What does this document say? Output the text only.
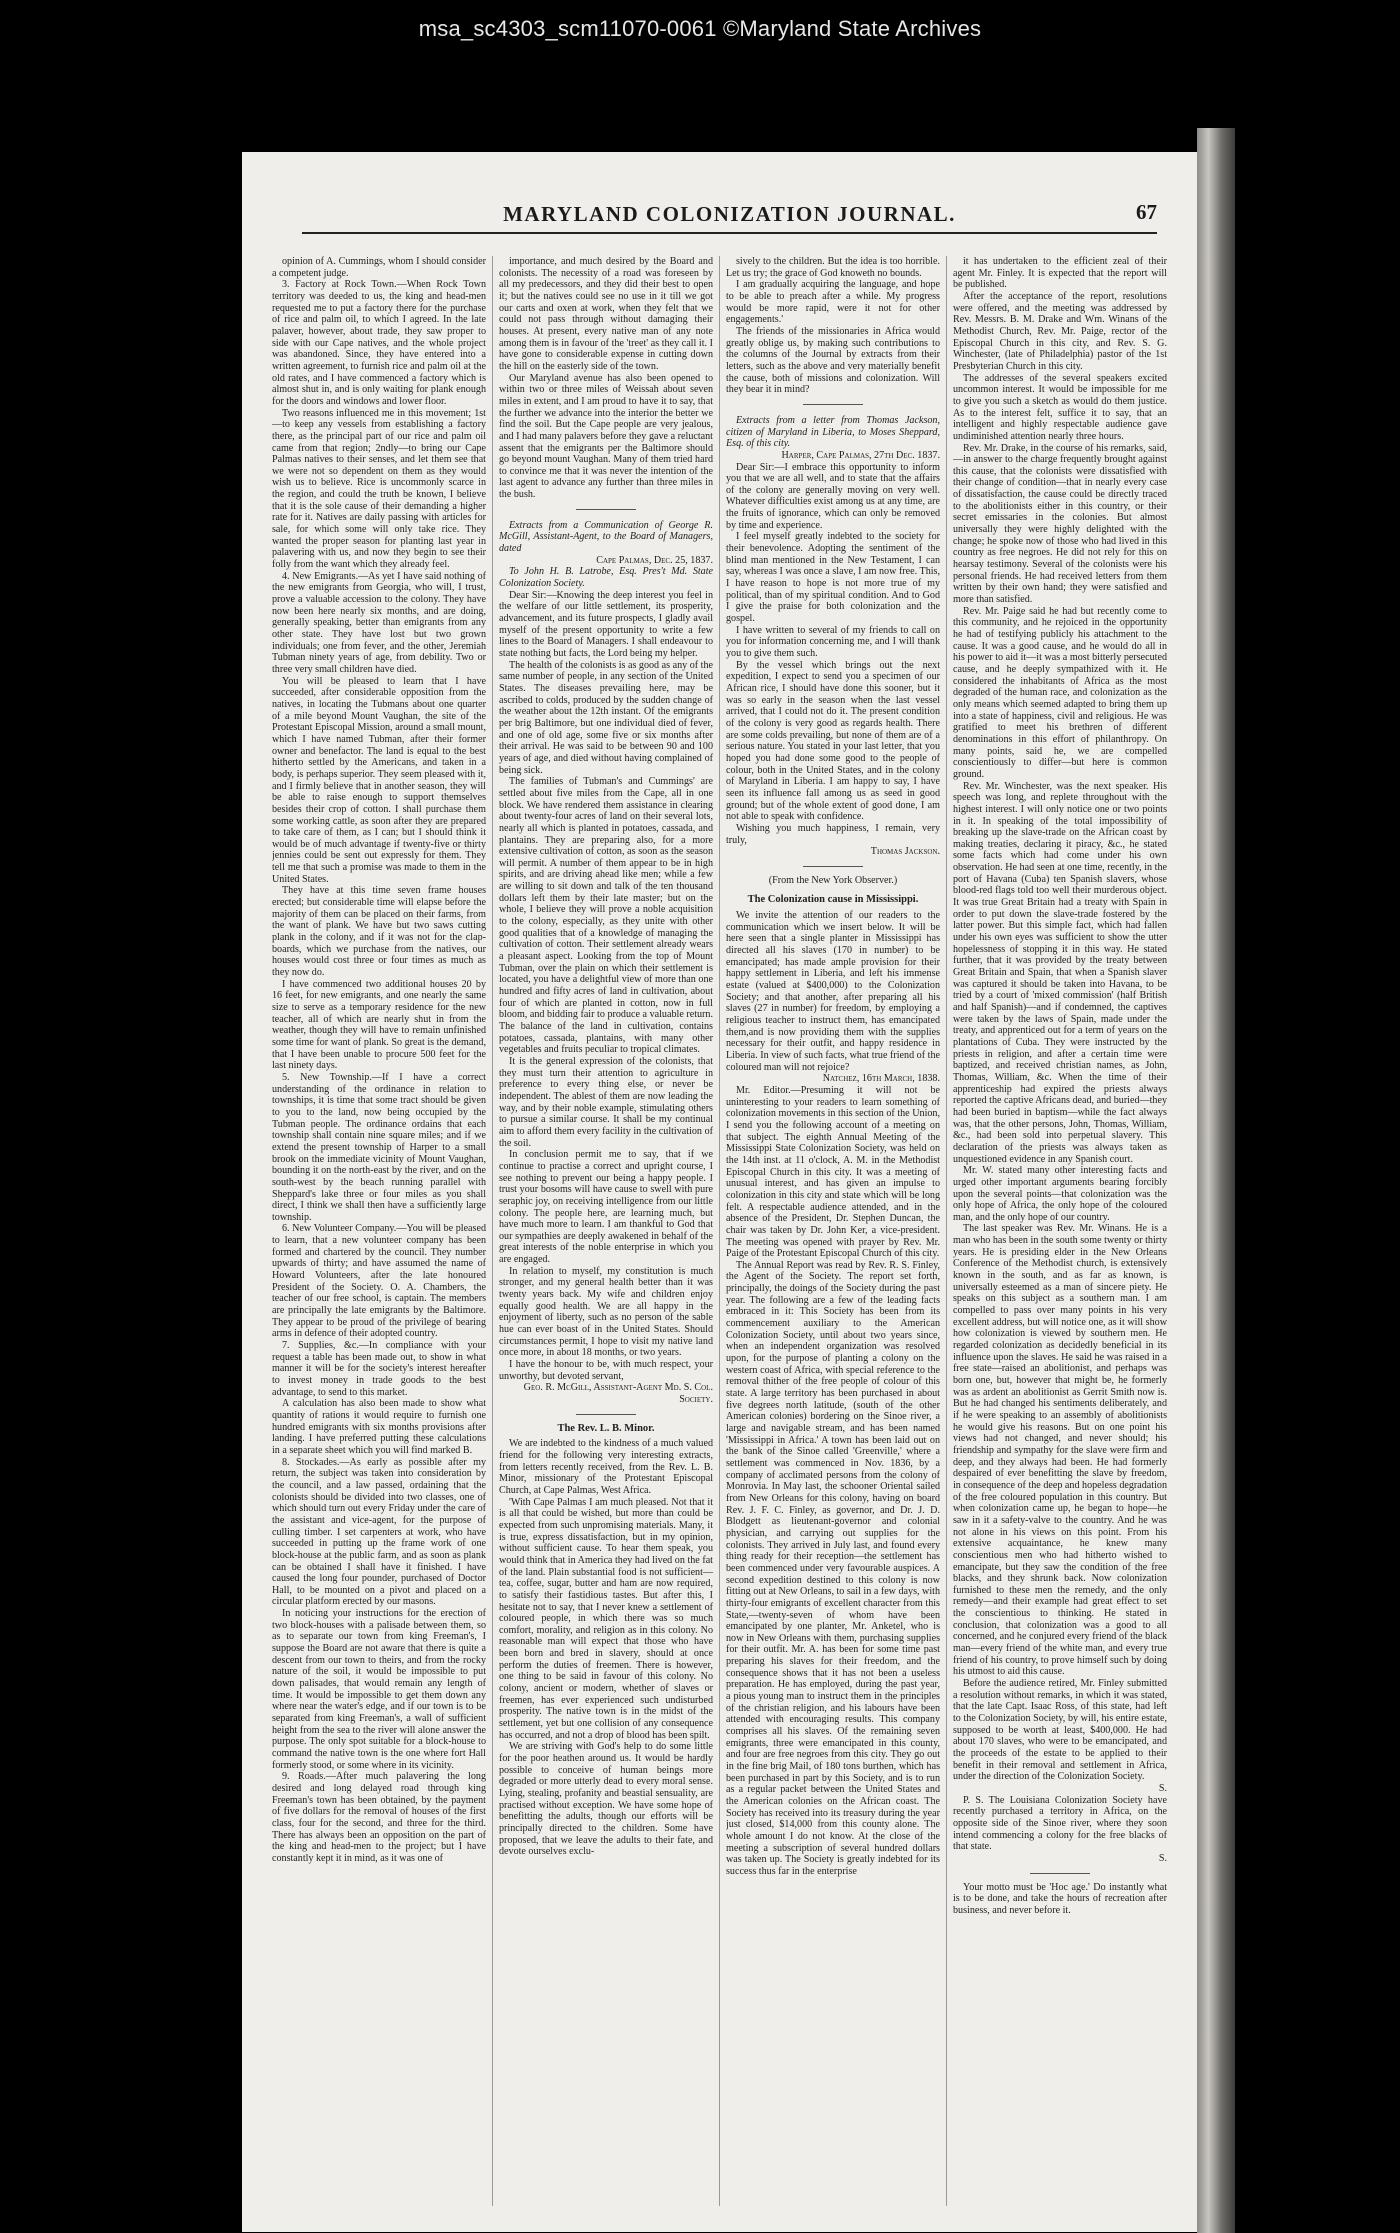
msa_sc4303_scm11070-0061 ©Maryland State Archives
MARYLAND COLONIZATION JOURNAL.	67

opinion of A. Cummings, whom I should consider a competent judge.

3. Factory at Rock Town.—When Rock Town territory was deeded to us, the king and head-men requested me to put a factory there for the purchase of rice and palm oil, to which I agreed. In the late palaver, however, about trade, they saw proper to side with our Cape natives, and the whole project was abandoned. Since, they have entered into a written agreement, to furnish rice and palm oil at the old rates, and I have commenced a factory which is almost shut in, and is only waiting for plank enough for the doors and windows and lower floor.

Two reasons influenced me in this movement; 1st—to keep any vessels from establishing a factory there, as the principal part of our rice and palm oil came from that region; 2ndly—to bring our Cape Palmas natives to their senses, and let them see that we were not so dependent on them as they would wish us to believe. Rice is uncommonly scarce in the region, and could the truth be known, I believe that it is the sole cause of their demanding a higher rate for it. Natives are daily passing with articles for sale, for which some will only take rice. They wanted the proper season for planting last year in palavering with us, and now they begin to see their folly from the want which they already feel.

4. New Emigrants.—As yet I have said nothing of the new emigrants from Georgia, who will, I trust, prove a valuable accession to the colony. They have now been here nearly six months, and are doing, generally speaking, better than emigrants from any other state. They have lost but two grown individuals; one from fever, and the other, Jeremiah Tubman ninety years of age, from debility. Two or three very small children have died.

You will be pleased to learn that I have succeeded, after considerable opposition from the natives, in locating the Tubmans about one quarter of a mile beyond Mount Vaughan, the site of the Protestant Episcopal Mission, around a small mount, which I have named Tubman, after their former owner and benefactor. The land is equal to the best hitherto settled by the Americans, and taken in a body, is perhaps superior. They seem pleased with it, and I firmly believe that in another season, they will be able to raise enough to support themselves besides their crop of cotton. I shall purchase them some working cattle, as soon after they are prepared to take care of them, as I can; but I should think it would be of much advantage if twenty-five or thirty jennies could be sent out expressly for them. They tell me that such a promise was made to them in the United States.

They have at this time seven frame houses erected; but considerable time will elapse before the majority of them can be placed on their farms, from the want of plank. We have but two saws cutting plank in the colony, and if it was not for the clap-boards, which we purchase from the natives, our houses would cost three or four times as much as they now do.

I have commenced two additional houses 20 by 16 feet, for new emigrants, and one nearly the same size to serve as a temporary residence for the new teacher, all of which are nearly shut in from the weather, though they will have to remain unfinished some time for want of plank. So great is the demand, that I have been unable to procure 500 feet for the last ninety days.

5. New Township.—If I have a correct understanding of the ordinance in relation to townships, it is time that some tract should be given to you to the land, now being occupied by the Tubman people. The ordinance ordains that each township shall contain nine square miles; and if we extend the present township of Harper to a small brook on the immediate vicinity of Mount Vaughan, bounding it on the north-east by the river, and on the south-west by the beach running parallel with Sheppard's lake three or four miles as you shall direct, I think we shall then have a sufficiently large township.

6. New Volunteer Company.—You will be pleased to learn, that a new volunteer company has been formed and chartered by the council. They number upwards of thirty; and have assumed the name of Howard Volunteers, after the late honoured President of the Society. O. A. Chambers, the teacher of our free school, is captain. The members are principally the late emigrants by the Baltimore. They appear to be proud of the privilege of bearing arms in defence of their adopted country.

7. Supplies, &c.—In compliance with your request a table has been made out, to show in what manner it will be for the society's interest hereafter to invest money in trade goods to the best advantage, to send to this market.

A calculation has also been made to show what quantity of rations it would require to furnish one hundred emigrants with six months provisions after landing. I have preferred putting these calculations in a separate sheet which you will find marked B.

8. Stockades.—As early as possible after my return, the subject was taken into consideration by the council, and a law passed, ordaining that the colonists should be divided into two classes, one of which should turn out every Friday under the care of the assistant and vice-agent, for the purpose of culling timber. I set carpenters at work, who have succeeded in putting up the frame work of one block-house at the public farm, and as soon as plank can be obtained I shall have it finished. I have caused the long four pounder, purchased of Doctor Hall, to be mounted on a pivot and placed on a circular platform erected by our masons.

In noticing your instructions for the erection of two block-houses with a palisade between them, so as to separate our town from king Freeman's, I suppose the Board are not aware that there is quite a descent from our town to theirs, and from the rocky nature of the soil, it would be impossible to put down palisades, that would remain any length of time. It would be impossible to get them down any where near the water's edge, and if our town is to be separated from king Freeman's, a wall of sufficient height from the sea to the river will alone answer the purpose. The only spot suitable for a block-house to command the native town is the one where fort Hall formerly stood, or some where in its vicinity.

9. Roads.—After much palavering the long desired and long delayed road through king Freeman's town has been obtained, by the payment of five dollars for the removal of houses of the first class, four for the second, and three for the third. There has always been an opposition on the part of the king and head-men to the project; but I have constantly kept it in mind, as it was one of

importance, and much desired by the Board and colonists. The necessity of a road was foreseen by all my predecessors, and they did their best to open it; but the natives could see no use in it till we got our carts and oxen at work, when they felt that we could not pass through without damaging their houses. At present, every native man of any note among them is in favour of the 'treet' as they call it. I have gone to considerable expense in cutting down the hill on the easterly side of the town.

Our Maryland avenue has also been opened to within two or three miles of Weissah about seven miles in extent, and I am proud to have it to say, that the further we advance into the interior the better we find the soil. But the Cape people are very jealous, and I had many palavers before they gave a reluctant assent that the emigrants per the Baltimore should go beyond mount Vaughan. Many of them tried hard to convince me that it was never the intention of the last agent to advance any further than three miles in the bush.

Extracts from a Communication of George R. McGill, Assistant-Agent, to the Board of Managers, dated

Cape Palmas, Dec. 25, 1837.

To John H. B. Latrobe, Esq. Pres't Md. State Colonization Society.

Dear Sir:—Knowing the deep interest you feel in the welfare of our little settlement, its prosperity, advancement, and its future prospects, I gladly avail myself of the present opportunity to write a few lines to the Board of Managers. I shall endeavour to state nothing but facts, the Lord being my helper.

The health of the colonists is as good as any of the same number of people, in any section of the United States. The diseases prevailing here, may be ascribed to colds, produced by the sudden change of the weather about the 12th instant. Of the emigrants per brig Baltimore, but one individual died of fever, and one of old age, some five or six months after their arrival. He was said to be between 90 and 100 years of age, and died without having complained of being sick.

The families of Tubman's and Cummings' are settled about five miles from the Cape, all in one block. We have rendered them assistance in clearing about twenty-four acres of land on their several lots, nearly all which is planted in potatoes, cassada, and plantains. They are preparing also, for a more extensive cultivation of cotton, as soon as the season will permit. A number of them appear to be in high spirits, and are driving ahead like men; while a few are willing to sit down and talk of the ten thousand dollars left them by their late master; but on the whole, I believe they will prove a noble acquisition to the colony, especially, as they unite with other good qualities that of a knowledge of managing the cultivation of cotton. Their settlement already wears a pleasant aspect. Looking from the top of Mount Tubman, over the plain on which their settlement is located, you have a delightful view of more than one hundred and fifty acres of land in cultivation, about four of which are planted in cotton, now in full bloom, and bidding fair to produce a valuable return. The balance of the land in cultivation, contains potatoes, cassada, plantains, with many other vegetables and fruits peculiar to tropical climates.

It is the general expression of the colonists, that they must turn their attention to agriculture in preference to every thing else, or never be independent. The ablest of them are now leading the way, and by their noble example, stimulating others to pursue a similar course. It shall be my continual aim to afford them every facility in the cultivation of the soil.

In conclusion permit me to say, that if we continue to practise a correct and upright course, I see nothing to prevent our being a happy people. I trust your bosoms will have cause to swell with pure seraphic joy, on receiving intelligence from our little colony. The people here, are learning much, but have much more to learn. I am thankful to God that our sympathies are deeply awakened in behalf of the great interests of the noble enterprise in which you are engaged.

In relation to myself, my constitution is much stronger, and my general health better than it was twenty years back. My wife and children enjoy equally good health. We are all happy in the enjoyment of liberty, such as no person of the sable hue can ever boast of in the United States. Should circumstances permit, I hope to visit my native land once more, in about 18 months, or two years.

I have the honour to be, with much respect, your unworthy, but devoted servant,

Geo. R. McGill, Assistant-Agent Md. S. Col. Society.

The Rev. L. B. Minor.

We are indebted to the kindness of a much valued friend for the following very interesting extracts, from letters recently received, from the Rev. L. B. Minor, missionary of the Protestant Episcopal Church, at Cape Palmas, West Africa.

'With Cape Palmas I am much pleased. Not that it is all that could be wished, but more than could be expected from such unpromising materials. Many, it is true, express dissatisfaction, but in my opinion, without sufficient cause. To hear them speak, you would think that in America they had lived on the fat of the land. Plain substantial food is not sufficient—tea, coffee, sugar, butter and ham are now required, to satisfy their fastidious tastes. But after this, I hesitate not to say, that I never knew a settlement of coloured people, in which there was so much comfort, morality, and religion as in this colony. No reasonable man will expect that those who have been born and bred in slavery, should at once perform the duties of freemen. There is however, one thing to be said in favour of this colony. No colony, ancient or modern, whether of slaves or freemen, has ever experienced such undisturbed prosperity. The native town is in the midst of the settlement, yet but one collision of any consequence has occurred, and not a drop of blood has been spilt.

We are striving with God's help to do some little for the poor heathen around us. It would be hardly possible to conceive of human beings more degraded or more utterly dead to every moral sense. Lying, stealing, profanity and beastial sensuality, are practised without exception. We have some hope of benefitting the adults, though our efforts will be principally directed to the children. Some have proposed, that we leave the adults to their fate, and devote ourselves exclu-

sively to the children. But the idea is too horrible. Let us try; the grace of God knoweth no bounds.

I am gradually acquiring the language, and hope to be able to preach after a while. My progress would be more rapid, were it not for other engagements.'

The friends of the missionaries in Africa would greatly oblige us, by making such contributions to the columns of the Journal by extracts from their letters, such as the above and very materially benefit the cause, both of missions and colonization. Will they bear it in mind?

Extracts from a letter from Thomas Jackson, citizen of Maryland in Liberia, to Moses Sheppard, Esq. of this city.

Harper, Cape Palmas, 27th Dec. 1837.

Dear Sir:—I embrace this opportunity to inform you that we are all well, and to state that the affairs of the colony are generally moving on very well. Whatever difficulties exist among us at any time, are the fruits of ignorance, which can only be removed by time and experience.

I feel myself greatly indebted to the society for their benevolence. Adopting the sentiment of the blind man mentioned in the New Testament, I can say, whereas I was once a slave, I am now free. This, I have reason to hope is not more true of my political, than of my spiritual condition. And to God I give the praise for both colonization and the gospel.

I have written to several of my friends to call on you for information concerning me, and I will thank you to give them such.

By the vessel which brings out the next expedition, I expect to send you a specimen of our African rice, I should have done this sooner, but it was so early in the season when the last vessel arrived, that I could not do it. The present condition of the colony is very good as regards health. There are some colds prevailing, but none of them are of a serious nature. You stated in your last letter, that you hoped you had done some good to the people of colour, both in the United States, and in the colony of Maryland in Liberia. I am happy to say, I have seen its influence fall among us as seed in good ground; but of the whole extent of good done, I am not able to speak with confidence.

Wishing you much happiness, I remain, very truly,

Thomas Jackson.

(From the New York Observer.)

The Colonization cause in Mississippi.

We invite the attention of our readers to the communication which we insert below. It will be here seen that a single planter in Mississippi has directed all his slaves (170 in number) to be emancipated; has made ample provision for their happy settlement in Liberia, and left his immense estate (valued at $400,000) to the Colonization Society; and that another, after preparing all his slaves (27 in number) for freedom, by employing a religious teacher to instruct them, has emancipated them,and is now providing them with the supplies necessary for their outfit, and happy residence in Liberia. In view of such facts, what true friend of the coloured man will not rejoice?

Natchez, 16th March, 1838.

Mr. Editor.—Presuming it will not be uninteresting to your readers to learn something of colonization movements in this section of the Union, I send you the following account of a meeting on that subject. The eighth Annual Meeting of the Mississippi State Colonization Society, was held on the 14th inst. at 11 o'clock, A. M. in the Methodist Episcopal Church in this city. It was a meeting of unusual interest, and has given an impulse to colonization in this city and state which will be long felt. A respectable audience attended, and in the absence of the President, Dr. Stephen Duncan, the chair was taken by Dr. John Ker, a vice-president. The meeting was opened with prayer by Rev. Mr. Paige of the Protestant Episcopal Church of this city.

The Annual Report was read by Rev. R. S. Finley, the Agent of the Society. The report set forth, principally, the doings of the Society during the past year. The following are a few of the leading facts embraced in it: This Society has been from its commencement auxiliary to the American Colonization Society, until about two years since, when an independent organization was resolved upon, for the purpose of planting a colony on the western coast of Africa, with special reference to the removal thither of the free people of colour of this state. A large territory has been purchased in about five degrees north latitude, (south of the other American colonies) bordering on the Sinoe river, a large and navigable stream, and has been named 'Mississippi in Africa.' A town has been laid out on the bank of the Sinoe called 'Greenville,' where a settlement was commenced in Nov. 1836, by a company of acclimated persons from the colony of Monrovia. In May last, the schooner Oriental sailed from New Orleans for this colony, having on board Rev. J. F. C. Finley, as governor, and Dr. J. D. Blodgett as lieutenant-governor and colonial physician, and carrying out supplies for the colonists. They arrived in July last, and found every thing ready for their reception—the settlement has been commenced under very favourable auspices. A second expedition destined to this colony is now fitting out at New Orleans, to sail in a few days, with thirty-four emigrants of excellent character from this State,—twenty-seven of whom have been emancipated by one planter, Mr. Anketel, who is now in New Orleans with them, purchasing supplies for their outfit. Mr. A. has been for some time past preparing his slaves for their freedom, and the consequence shows that it has not been a useless preparation. He has employed, during the past year, a pious young man to instruct them in the principles of the christian religion, and his labours have been attended with encouraging results. This company comprises all his slaves. Of the remaining seven emigrants, three were emancipated in this county, and four are free negroes from this city. They go out in the fine brig Mail, of 180 tons burthen, which has been purchased in part by this Society, and is to run as a regular packet between the United States and the American colonies on the African coast. The Society has received into its treasury during the year just closed, $14,000 from this county alone. The whole amount I do not know. At the close of the meeting a subscription of several hundred dollars was taken up. The Society is greatly indebted for its success thus far in the enterprise

it has undertaken to the efficient zeal of their agent Mr. Finley. It is expected that the report will be published.

After the acceptance of the report, resolutions were offered, and the meeting was addressed by Rev. Messrs. B. M. Drake and Wm. Winans of the Methodist Church, Rev. Mr. Paige, rector of the Episcopal Church in this city, and Rev. S. G. Winchester, (late of Philadelphia) pastor of the 1st Presbyterian Church in this city.

The addresses of the several speakers excited uncommon interest. It would be impossible for me to give you such a sketch as would do them justice. As to the interest felt, suffice it to say, that an intelligent and highly respectable audience gave undiminished attention nearly three hours.

Rev. Mr. Drake, in the course of his remarks, said,—in answer to the charge frequently brought against this cause, that the colonists were dissatisfied with their change of condition—that in nearly every case of dissatisfaction, the cause could be directly traced to the abolitionists either in this country, or their secret emissaries in the colonies. But almost universally they were highly delighted with the change; he spoke now of those who had lived in this country as free negroes. He did not rely for this on hearsay testimony. Several of the colonists were his personal friends. He had received letters from them written by their own hand; they were satisfied and more than satisfied.

Rev. Mr. Paige said he had but recently come to this community, and he rejoiced in the opportunity he had of testifying publicly his attachment to the cause. It was a good cause, and he would do all in his power to aid it—it was a most bitterly persecuted cause, and he deeply sympathized with it. He considered the inhabitants of Africa as the most degraded of the human race, and colonization as the only means which seemed adapted to bring them up into a state of happiness, civil and religious. He was gratified to meet his brethren of different denominations in this effort of philanthropy. On many points, said he, we are compelled conscientiously to differ—but here is common ground.

Rev. Mr. Winchester, was the next speaker. His speech was long, and replete throughout with the highest interest. I will only notice one or two points in it. In speaking of the total impossibility of breaking up the slave-trade on the African coast by making treaties, declaring it piracy, &c., he stated some facts which had come under his own observation. He had seen at one time, recently, in the port of Havana (Cuba) ten Spanish slavers, whose blood-red flags told too well their murderous object. It was true Great Britain had a treaty with Spain in order to put down the slave-trade fostered by the latter power. But this simple fact, which had fallen under his own eyes was sufficient to show the utter hopelessness of stopping it in this way. He stated further, that it was provided by the treaty between Great Britain and Spain, that when a Spanish slaver was captured it should be taken into Havana, to be tried by a court of 'mixed commission' (half British and half Spanish)—and if condemned, the captives were taken by the laws of Spain, made under the treaty, and apprenticed out for a term of years on the plantations of Cuba. They were instructed by the priests in religion, and after a certain time were baptized, and received christian names, as John, Thomas, William, &c. When the time of their apprenticeship had expired the priests always reported the captive Africans dead, and buried—they had been buried in baptism—while the fact always was, that the other persons, John, Thomas, William, &c., had been sold into perpetual slavery. This declaration of the priests was always taken as unquestioned evidence in any Spanish court.

Mr. W. stated many other interesting facts and urged other important arguments bearing forcibly upon the several points—that colonization was the only hope of Africa, the only hope of the coloured man, and the only hope of our country.

The last speaker was Rev. Mr. Winans. He is a man who has been in the south some twenty or thirty years. He is presiding elder in the New Orleans Conference of the Methodist church, is extensively known in the south, and as far as known, is universally esteemed as a man of sincere piety. He speaks on this subject as a southern man. I am compelled to pass over many points in his very excellent address, but will notice one, as it will show how colonization is viewed by southern men. He regarded colonization as decidedly beneficial in its influence upon the slaves. He said he was raised in a free state—raised an abolitionist, and perhaps was born one, but, however that might be, he formerly was as ardent an abolitionist as Gerrit Smith now is. But he had changed his sentiments deliberately, and if he were speaking to an assembly of abolitionists he would give his reasons. But on one point his views had not changed, and never should; his friendship and sympathy for the slave were firm and deep, and they always had been. He had formerly despaired of ever benefitting the slave by freedom, in consequence of the deep and hopeless degradation of the free coloured population in this country. But when colonization came up, he began to hope—he saw in it a safety-valve to the country. And he was not alone in his views on this point. From his extensive acquaintance, he knew many conscientious men who had hitherto wished to emancipate, but they saw the condition of the free blacks, and they shrunk back. Now colonization furnished to these men the remedy, and the only remedy—and their example had great effect to set the conscientious to thinking. He stated in conclusion, that colonization was a good to all concerned, and he conjured every friend of the black man—every friend of the white man, and every true friend of his country, to prove himself such by doing his utmost to aid this cause.

Before the audience retired, Mr. Finley submitted a resolution without remarks, in which it was stated, that the late Capt. Isaac Ross, of this state, had left to the Colonization Society, by will, his entire estate, supposed to be worth at least, $400,000. He had about 170 slaves, who were to be emancipated, and the proceeds of the estate to be applied to their benefit in their removal and settlement in Africa, under the direction of the Colonization Society.

S.

P. S. The Louisiana Colonization Society have recently purchased a territory in Africa, on the opposite side of the Sinoe river, where they soon intend commencing a colony for the free blacks of that state.

S.

Your motto must be 'Hoc age.' Do instantly what is to be done, and take the hours of recreation after business, and never before it.
